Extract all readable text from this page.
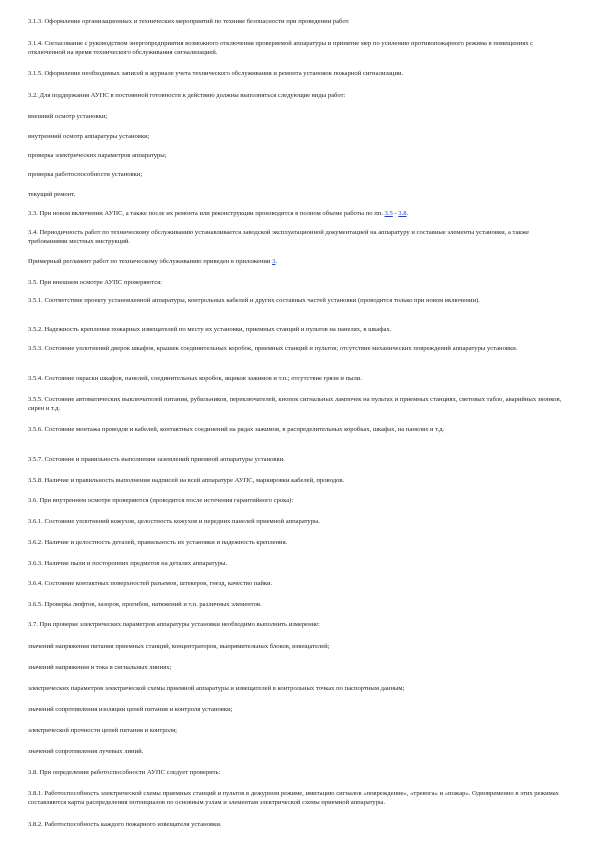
3.1.3. Оформление организационных и технических мероприятий по технике безопасности при проведении работ.
3.1.4. Согласование с руководством энергопредприятия возможного отключения проверяемой аппаратуры и принятие мер по усилению противопожарного режима в помещениях с отключенной на время технического обслуживания сигнализацией.
3.1.5. Оформление необходимых записей в журнале учета технического обслуживания и ремонта установок пожарной сигнализации.
3.2. Для поддержания АУПС в постоянной готовности к действию должны выполняться следующие виды работ:
внешний осмотр установки;
внутренний осмотр аппаратуры установки;
проверка электрических параметров аппаратуры;
проверка работоспособности установки;
текущий ремонт.
3.3. При новом включении АУПС, а также после их ремонта или реконструкции производится в полном объеме работы по пп. 3.5 - 3.8.
3.4. Периодичность работ по техническому обслуживанию устанавливается заводской эксплуатационной документацией на аппаратуру и составные элементы установки, а также требованиями местных инструкций.
Примерный регламент работ по техническому обслуживанию приведен в приложении 3.
3.5. При внешнем осмотре АУПС проверяются:
3.5.1. Соответствие проекту установленной аппаратуры, контрольных кабелей и других составных частей установки (проводится только при новом включении).
3.5.2. Надежность крепления пожарных извещателей по месту их установки, приемных станций и пультов на панелях, в шкафах.
3.5.3. Состояние уплотнений дверок шкафов, крышек соединительных коробок, приемных станций и пультов; отсутствие механических повреждений аппаратуры установки.
3.5.4. Состояние окраски шкафов, панелей, соединительных коробок, ящиков зажимов и т.п.; отсутствие грязи и пыли.
3.5.5. Состояние автоматических выключателей питания, рубильников, переключателей, кнопок сигнальных лампочек на пультах и приемных станциях, световых табло, аварийных звонков, сирен и т.д.
3.5.6. Состояние монтажа проводов и кабелей, контактных соединений на рядах зажимов, в распределительных коробках, шкафах, на панелях и т.д.
3.5.7. Состояние и правильность выполнения заземлений приемной аппаратуры установки.
3.5.8. Наличие и правильность выполнения надписей на всей аппаратуре АУПС, маркировки кабелей, проводов.
3.6. При внутреннем осмотре проверяются (проводится после истечения гарантийного срока):
3.6.1. Состояние уплотнений кожухов, целостность кожухов и передних панелей приемной аппаратуры.
3.6.2. Наличие и целостность деталей, правильность их установки и надежность крепления.
3.6.3. Наличие пыли и посторонних предметов на деталях аппаратуры.
3.6.4. Состояние контактных поверхностей разъемов, штекеров, гнезд, качество пайки.
3.6.5. Проверка люфтов, зазоров, прогибов, натяжений и т.п. различных элементов.
3.7. При проверке электрических параметров аппаратуры установки необходимо выполнить измерение:
значений напряжения питания приемных станций, концентраторов, выпрямительных блоков, извещателей;
значений напряжения и тока в сигнальных линиях;
электрических параметров электрической схемы приемной аппаратуры и извещателей в контрольных точках по паспортным данным;
значений сопротивления изоляции цепей питания и контроля установки;
электрической прочности цепей питания и контроля;
значений сопротивления лучевых линий.
3.8. При определении работоспособности АУПС следует проверить:
3.8.1. Работоспособность электрической схемы приемных станций и пультов в дежурном режиме, имитацию сигналов «повреждение», «тревога» и «пожар». Одновременно в этих режимах составляются карты распределения потенциалов по основным узлам и элементам электрической схемы приемной аппаратуры.
3.8.2. Работоспособность каждого пожарного извещателя установки.
